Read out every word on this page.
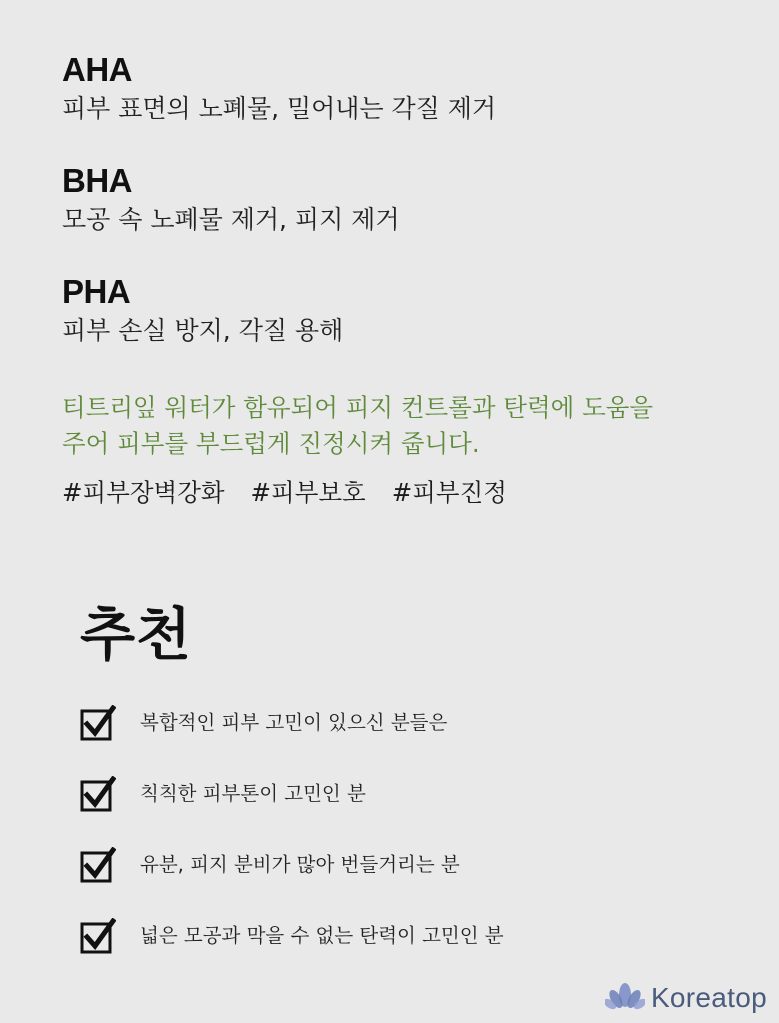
AHA
피부 표면의 노폐물, 밀어내는 각질 제거
BHA
모공 속 노폐물 제거, 피지 제거
PHA
피부 손실 방지, 각질 용해
티트리잎 워터가 함유되어 피지 컨트롤과 탄력에 도움을
주어 피부를 부드럽게 진정시켜 줍니다.
#피부장벽강화 #피부보호 #피부진정
추천
복합적인 피부 고민이 있으신 분들은
칙칙한 피부톤이 고민인 분
유분, 피지 분비가 많아 번들거리는 분
넓은 모공과 막을 수 없는 탄력이 고민인 분
Koreatop
